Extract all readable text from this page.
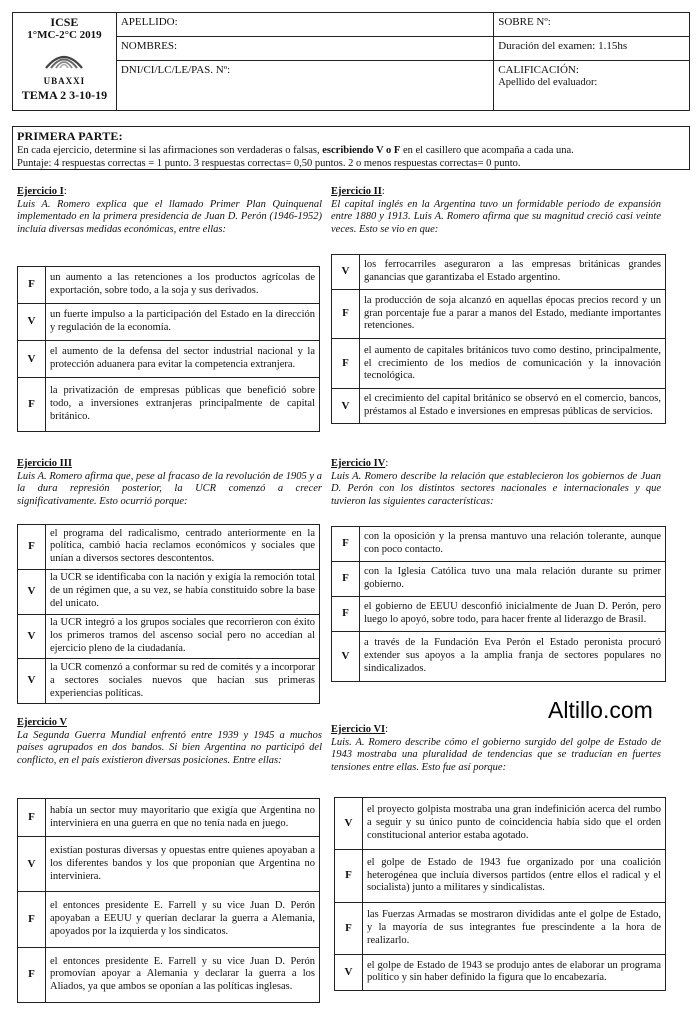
ICSE
1°MC-2°C 2019
UBAXXI
TEMA 2 3-10-19	APELLIDO:	SOBRE Nº:
	NOMBRES:	Duración del examen: 1.15hs
	DNI/CI/LC/LE/PAS. Nº:	CALIFICACIÓN:
Apellido del evaluador:
PRIMERA PARTE:
En cada ejercicio, determine si las afirmaciones son verdaderas o falsas, escribiendo V o F en el casillero que acompaña a cada una.
Puntaje: 4 respuestas correctas = 1 punto. 3 respuestas correctas= 0,50 puntos. 2 o menos respuestas correctas= 0 punto.
Ejercicio I:
Luis A. Romero explica que el llamado Primer Plan Quinquenal implementado en la primera presidencia de Juan D. Perón (1946-1952) incluía diversas medidas económicas, entre ellas:
F	un aumento a las retenciones a los productos agrícolas de exportación, sobre todo, a la soja y sus derivados.
V	un fuerte impulso a la participación del Estado en la dirección y regulación de la economía.
V	el aumento de la defensa del sector industrial nacional y la protección aduanera para evitar la competencia extranjera.
F	la privatización de empresas públicas que benefició sobre todo, a inversiones extranjeras principalmente de capital británico.
Ejercicio II:
El capital inglés en la Argentina tuvo un formidable periodo de expansión entre 1880 y 1913. Luis A. Romero afirma que su magnitud creció casi veinte veces. Esto se vio en que:
V	los ferrocarriles aseguraron a las empresas británicas grandes ganancias que garantizaba el Estado argentino.
F	la producción de soja alcanzó en aquellas épocas precios record y un gran porcentaje fue a parar a manos del Estado, mediante importantes retenciones.
F	el aumento de capitales británicos tuvo como destino, principalmente, el crecimiento de los medios de comunicación y la innovación tecnológica.
V	el crecimiento del capital británico se observó en el comercio, bancos, préstamos al Estado e inversiones en empresas públicas de servicios.
Ejercicio III
Luis A. Romero afirma que, pese al fracaso de la revolución de 1905 y a la dura represión posterior, la UCR comenzó a crecer significativamente. Esto ocurrió porque:
F	el programa del radicalismo, centrado anteriormente en la política, cambió hacia reclamos económicos y sociales que unían a diversos sectores descontentos.
V	la UCR se identificaba con la nación y exigía la remoción total de un régimen que, a su vez, se había constituido sobre la base del unicato.
V	la UCR integró a los grupos sociales que recorrieron con éxito los primeros tramos del ascenso social pero no accedían al ejercicio pleno de la ciudadanía.
V	la UCR comenzó a conformar su red de comités y a incorporar a sectores sociales nuevos que hacían sus primeras experiencias políticas.
Ejercicio IV:
Luis A. Romero describe la relación que establecieron los gobiernos de Juan D. Perón con los distintos sectores nacionales e internacionales y que tuvieron las siguientes características:
F	con la oposición y la prensa mantuvo una relación tolerante, aunque con poco contacto.
F	con la Iglesia Católica tuvo una mala relación durante su primer gobierno.
F	el gobierno de EEUU desconfió inicialmente de Juan D. Perón, pero luego lo apoyó, sobre todo, para hacer frente al liderazgo de Brasil.
V	a través de la Fundación Eva Perón el Estado peronista procuró extender sus apoyos a la amplia franja de sectores populares no sindicalizados.
Altillo.com
Ejercicio V
La Segunda Guerra Mundial enfrentó entre 1939 y 1945 a muchos países agrupados en dos bandos. Si bien Argentina no participó del conflicto, en el país existieron diversas posiciones. Entre ellas:
F	había un sector muy mayoritario que exigía que Argentina no interviniera en una guerra en que no tenía nada en juego.
V	existían posturas diversas y opuestas entre quienes apoyaban a los diferentes bandos y los que proponían que Argentina no interviniera.
F	el entonces presidente E. Farrell y su vice Juan D. Perón apoyaban a EEUU y querían declarar la guerra a Alemania, apoyados por la izquierda y los sindicatos.
F	el entonces presidente E. Farrell y su vice Juan D. Perón promovían apoyar a Alemania y declarar la guerra a los Aliados, ya que ambos se oponían a las políticas inglesas.
Ejercicio VI:
Luis. A. Romero describe cómo el gobierno surgido del golpe de Estado de 1943 mostraba una pluralidad de tendencias que se traducían en fuertes tensiones entre ellas. Esto fue así porque:
V	el proyecto golpista mostraba una gran indefinición acerca del rumbo a seguir y su único punto de coincidencia había sido que el orden constitucional anterior estaba agotado.
F	el golpe de Estado de 1943 fue organizado por una coalición heterogénea que incluía diversos partidos (entre ellos el radical y el socialista) junto a militares y sindicalistas.
F	las Fuerzas Armadas se mostraron divididas ante el golpe de Estado, y la mayoría de sus integrantes fue prescindente a la hora de realizarlo.
V	el golpe de Estado de 1943 se produjo antes de elaborar un programa político y sin haber definido la figura que lo encabezaría.
